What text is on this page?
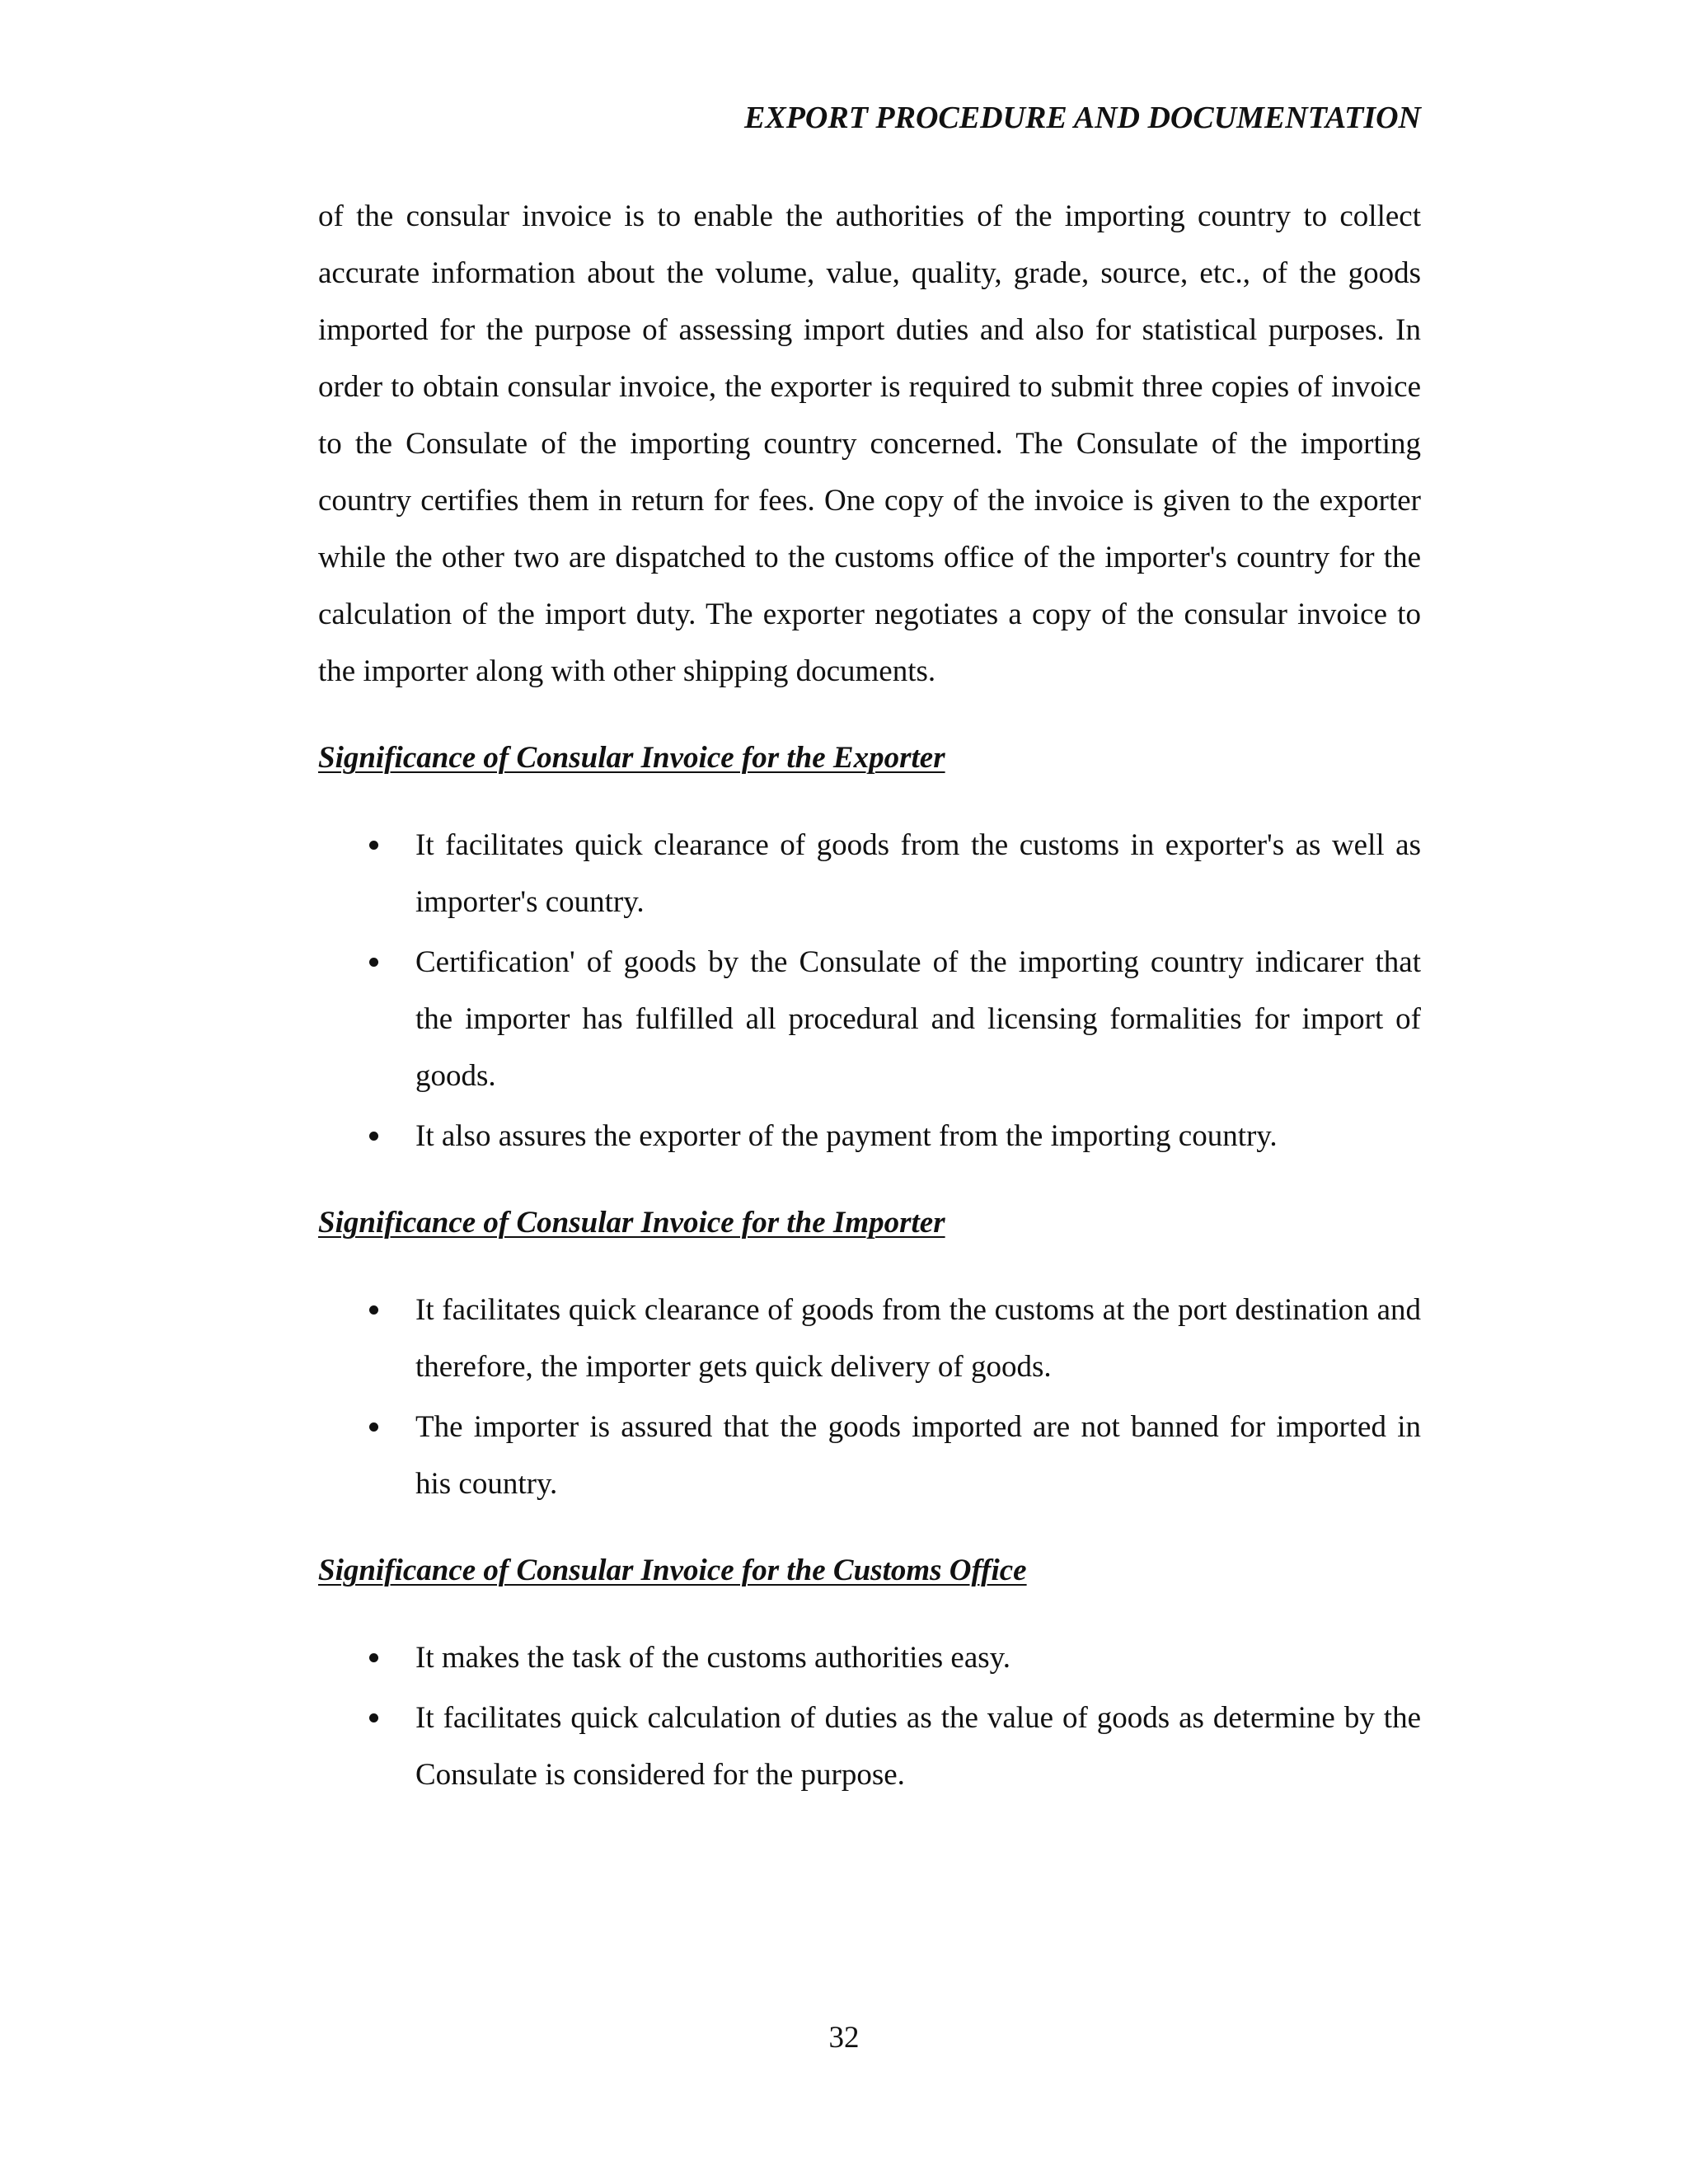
EXPORT PROCEDURE AND DOCUMENTATION

of the consular invoice is to enable the authorities of the importing country to collect accurate information about the volume, value, quality, grade, source, etc., of the goods imported for the purpose of assessing import duties and also for statistical purposes. In order to obtain consular invoice, the exporter is required to submit three copies of invoice to the Consulate of the importing country concerned. The Consulate of the importing country certifies them in return for fees. One copy of the invoice is given to the exporter while the other two are dispatched to the customs office of the importer's country for the calculation of the import duty. The exporter negotiates a copy of the consular invoice to the importer along with other shipping documents.

Significance of Consular Invoice for the Exporter
It facilitates quick clearance of goods from the customs in exporter's as well as importer's country.
Certification' of goods by the Consulate of the importing country indicarer that the importer has fulfilled all procedural and licensing formalities for import of goods.
It also assures the exporter of the payment from the importing country.
Significance of Consular Invoice for the Importer
It facilitates quick clearance of goods from the customs at the port destination and therefore, the importer gets quick delivery of goods.
The importer is assured that the goods imported are not banned for imported in his country.
Significance of Consular Invoice for the Customs Office
It makes the task of the customs authorities easy.
It facilitates quick calculation of duties as the value of goods as determine by the Consulate is considered for the purpose.
32
